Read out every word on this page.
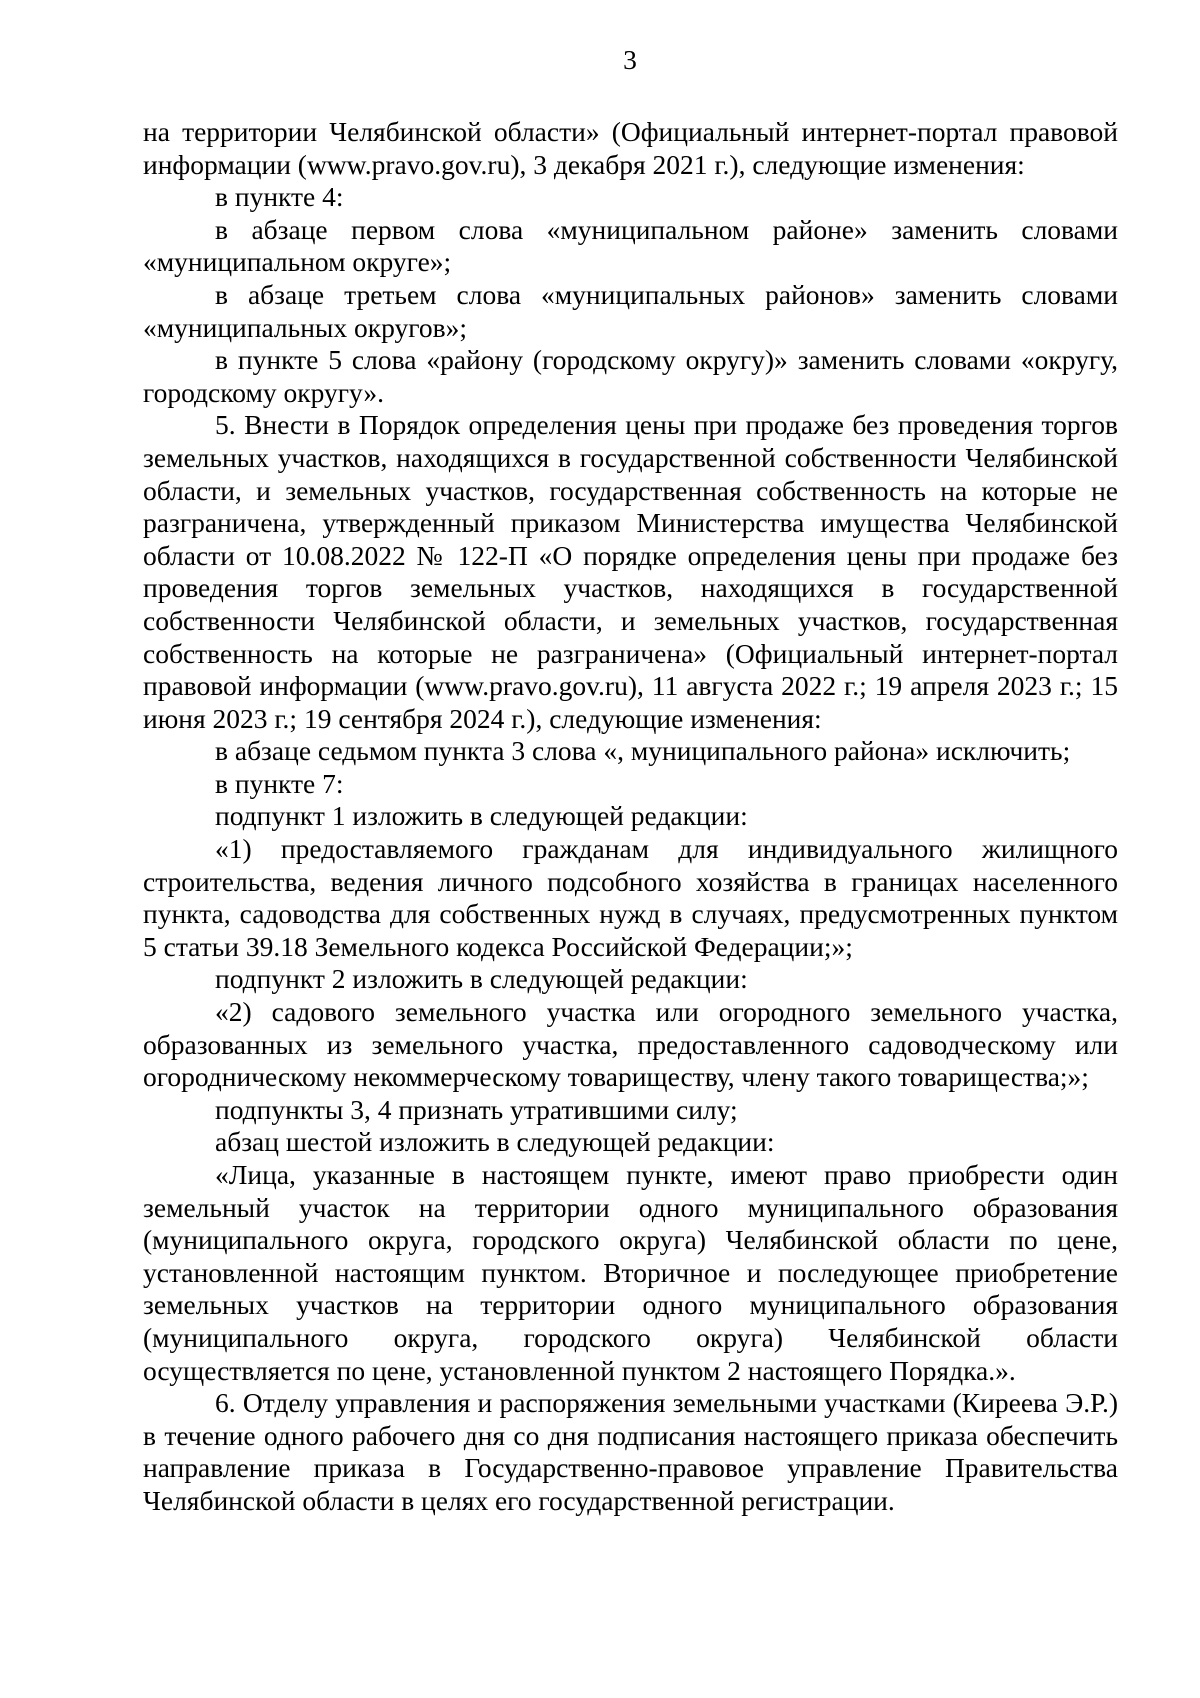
3

на территории Челябинской области» (Официальный интернет-портал правовой информации (www.pravo.gov.ru), 3 декабря 2021 г.), следующие изменения:

в пункте 4:

в абзаце первом слова «муниципальном районе» заменить словами «муниципальном округе»;

в абзаце третьем слова «муниципальных районов» заменить словами «муниципальных округов»;

в пункте 5 слова «району (городскому округу)» заменить словами «округу, городскому округу».

5. Внести в Порядок определения цены при продаже без проведения торгов земельных участков, находящихся в государственной собственности Челябинской области, и земельных участков, государственная собственность на которые не разграничена, утвержденный приказом Министерства имущества Челябинской области от 10.08.2022 № 122-П «О порядке определения цены при продаже без проведения торгов земельных участков, находящихся в государственной собственности Челябинской области, и земельных участков, государственная собственность на которые не разграничена» (Официальный интернет-портал правовой информации (www.pravo.gov.ru), 11 августа 2022 г.; 19 апреля 2023 г.; 15 июня 2023 г.; 19 сентября 2024 г.), следующие изменения:

в абзаце седьмом пункта 3 слова «, муниципального района» исключить;

в пункте 7:

подпункт 1 изложить в следующей редакции:

«1) предоставляемого гражданам для индивидуального жилищного строительства, ведения личного подсобного хозяйства в границах населенного пункта, садоводства для собственных нужд в случаях, предусмотренных пунктом 5 статьи 39.18 Земельного кодекса Российской Федерации;»;

подпункт 2 изложить в следующей редакции:

«2) садового земельного участка или огородного земельного участка, образованных из земельного участка, предоставленного садоводческому или огородническому некоммерческому товариществу, члену такого товарищества;»;

подпункты 3, 4 признать утратившими силу;

абзац шестой изложить в следующей редакции:

«Лица, указанные в настоящем пункте, имеют право приобрести один земельный участок на территории одного муниципального образования (муниципального округа, городского округа) Челябинской области по цене, установленной настоящим пунктом. Вторичное и последующее приобретение земельных участков на территории одного муниципального образования (муниципального округа, городского округа) Челябинской области осуществляется по цене, установленной пунктом 2 настоящего Порядка.».

6. Отделу управления и распоряжения земельными участками (Киреева Э.Р.) в течение одного рабочего дня со дня подписания настоящего приказа обеспечить направление приказа в Государственно-правовое управление Правительства Челябинской области в целях его государственной регистрации.
